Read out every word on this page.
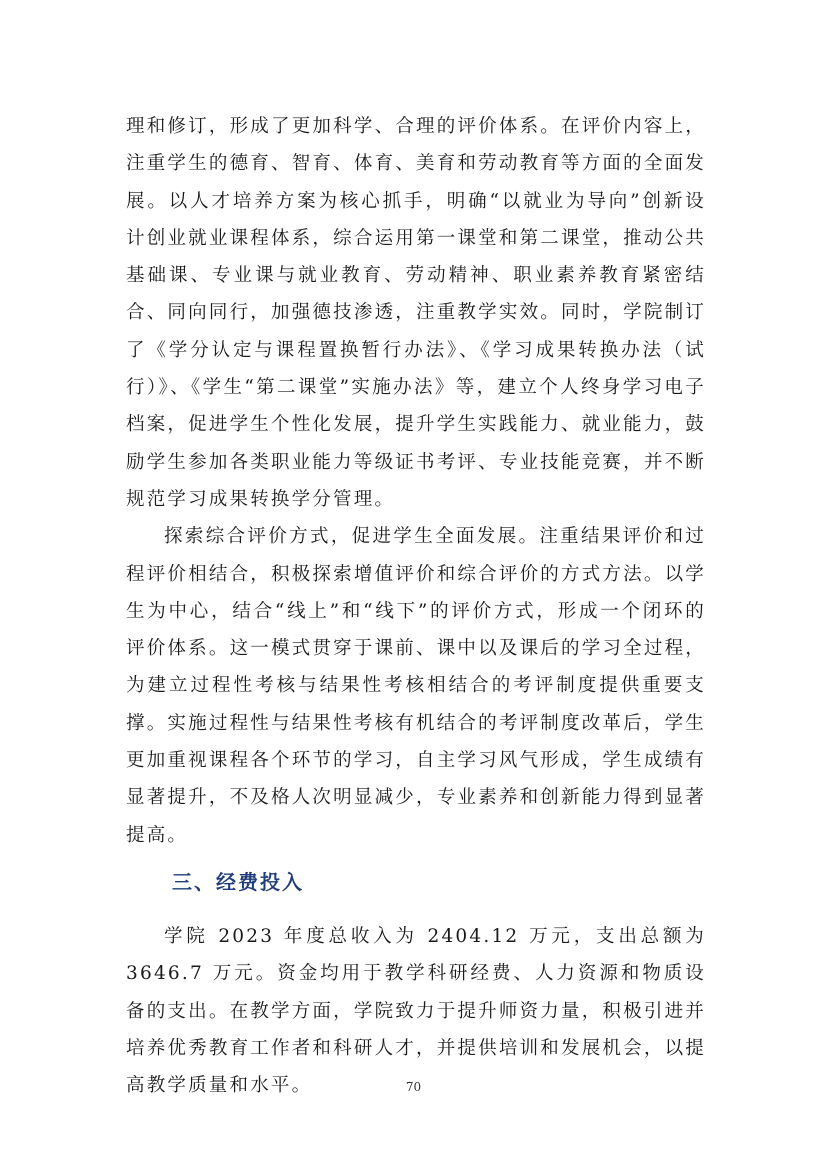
理和修订，形成了更加科学、合理的评价体系。在评价内容上，注重学生的德育、智育、体育、美育和劳动教育等方面的全面发展。以人才培养方案为核心抓手，明确“以就业为导向”创新设计创业就业课程体系，综合运用第一课堂和第二课堂，推动公共基础课、专业课与就业教育、劳动精神、职业素养教育紧密结合、同向同行，加强德技渗透，注重教学实效。同时，学院制订了《学分认定与课程置换暂行办法》、《学习成果转换办法（试行）》、《学生“第二课堂”实施办法》等，建立个人终身学习电子档案，促进学生个性化发展，提升学生实践能力、就业能力，鼓励学生参加各类职业能力等级证书考评、专业技能竞赛，并不断规范学习成果转换学分管理。

探索综合评价方式，促进学生全面发展。注重结果评价和过程评价相结合，积极探索增值评价和综合评价的方式方法。以学生为中心，结合“线上”和“线下”的评价方式，形成一个闭环的评价体系。这一模式贯穿于课前、课中以及课后的学习全过程，为建立过程性考核与结果性考核相结合的考评制度提供重要支撑。实施过程性与结果性考核有机结合的考评制度改革后，学生更加重视课程各个环节的学习，自主学习风气形成，学生成绩有显著提升，不及格人次明显减少，专业素养和创新能力得到显著提高。

三、经费投入

学院 2023 年度总收入为 2404.12 万元，支出总额为 3646.7 万元。资金均用于教学科研经费、人力资源和物质设备的支出。在教学方面，学院致力于提升师资力量，积极引进并培养优秀教育工作者和科研人才，并提供培训和发展机会，以提高教学质量和水平。	70
